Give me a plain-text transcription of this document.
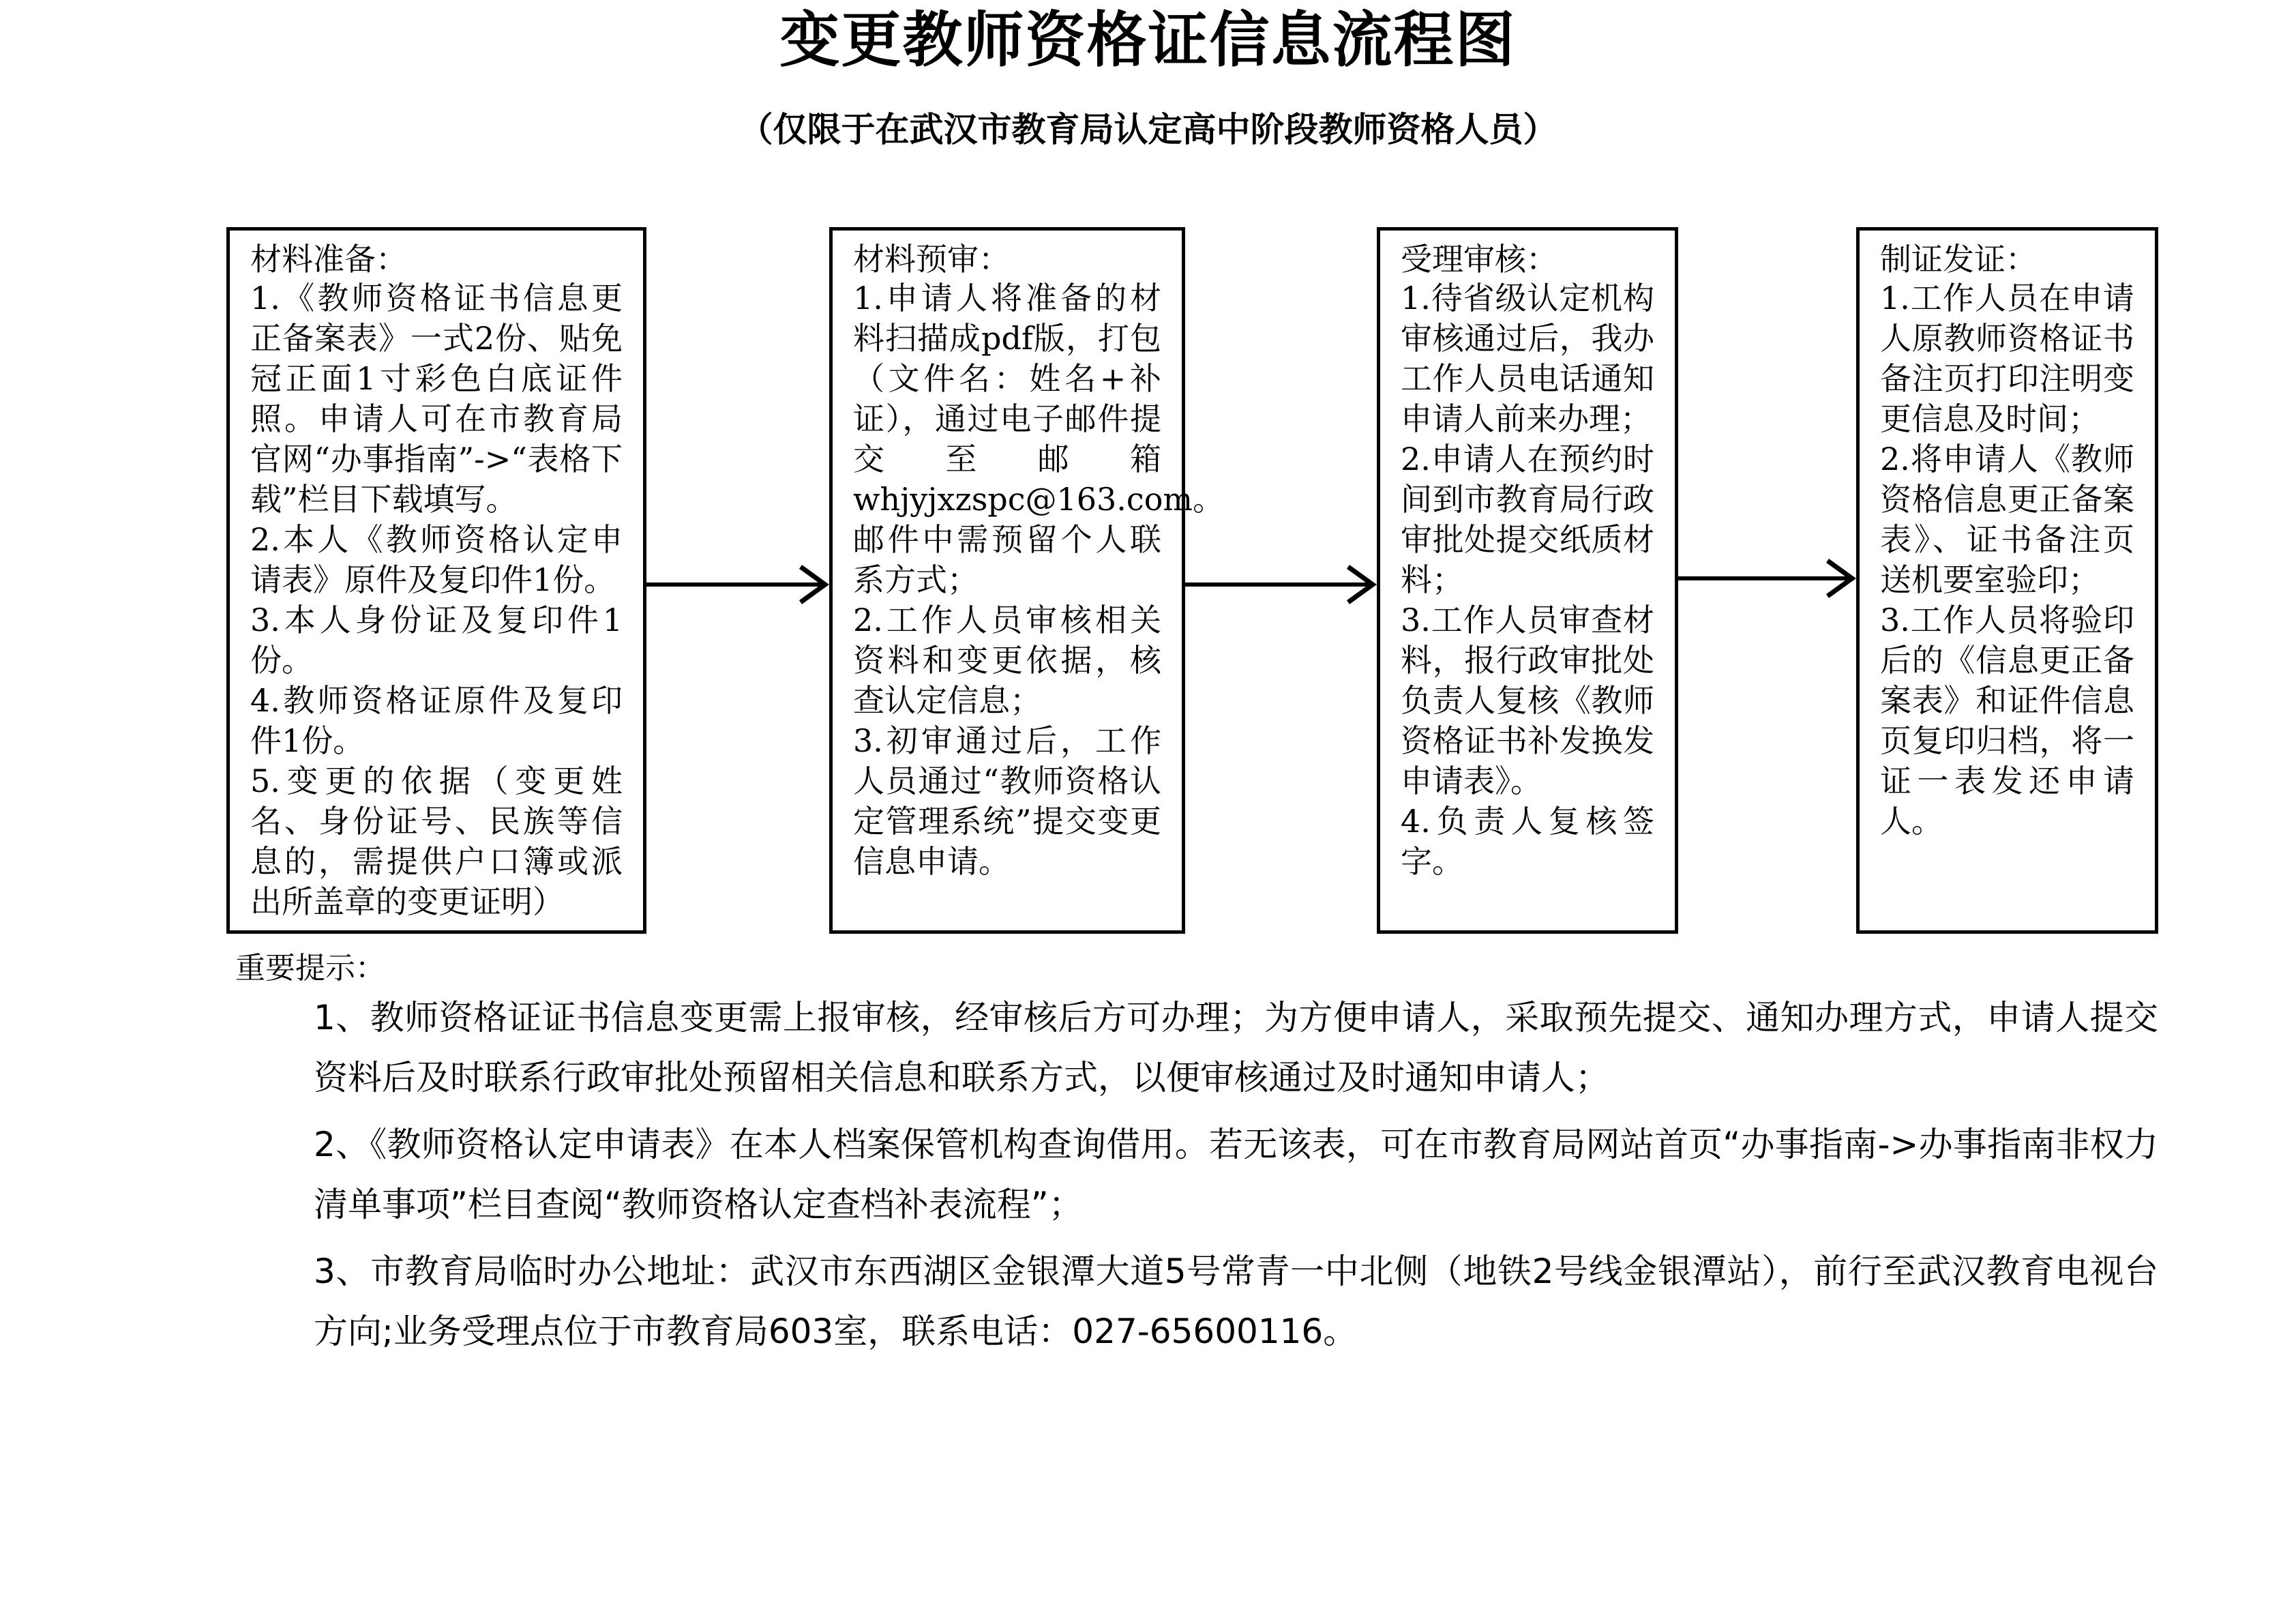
变更教师资格证信息流程图
（仅限于在武汉市教育局认定高中阶段教师资格人员）
材料准备：
1.《教师资格证书信息更正备案表》一式2份、贴免冠正面1寸彩色白底证件照。申请人可在市教育局官网“办事指南”->“表格下载”栏目下载填写。
2.本人《教师资格认定申请表》原件及复印件1份。
3.本人身份证及复印件1份。
4.教师资格证原件及复印件1份。
5.变更的依据（变更姓名、身份证号、民族等信息的，需提供户口簿或派出所盖章的变更证明）
材料预审：
1.申请人将准备的材料扫描成pdf版，打包（文件名：姓名+补证），通过电子邮件提交至邮箱whjyjxzspc@163.com。邮件中需预留个人联系方式；
2.工作人员审核相关资料和变更依据，核查认定信息；
3.初审通过后，工作人员通过“教师资格认定管理系统”提交变更信息申请。
受理审核：
1.待省级认定机构审核通过后，我办工作人员电话通知申请人前来办理；
2.申请人在预约时间到市教育局行政审批处提交纸质材料；
3.工作人员审查材料，报行政审批处负责人复核《教师资格证书补发换发申请表》。
4.负责人复核签字。
制证发证：
1.工作人员在申请人原教师资格证书备注页打印注明变更信息及时间；
2.将申请人《教师资格信息更正备案表》、证书备注页送机要室验印；
3.工作人员将验印后的《信息更正备案表》和证件信息页复印归档，将一证一表发还申请人。
重要提示：
1、教师资格证证书信息变更需上报审核，经审核后方可办理；为方便申请人，采取预先提交、通知办理方式，申请人提交资料后及时联系行政审批处预留相关信息和联系方式，以便审核通过及时通知申请人；
2、《教师资格认定申请表》在本人档案保管机构查询借用。若无该表，可在市教育局网站首页“办事指南->办事指南非权力清单事项”栏目查阅“教师资格认定查档补表流程”；
3、市教育局临时办公地址：武汉市东西湖区金银潭大道5号常青一中北侧（地铁2号线金银潭站），前行至武汉教育电视台方向;业务受理点位于市教育局603室，联系电话：027-65600116。
